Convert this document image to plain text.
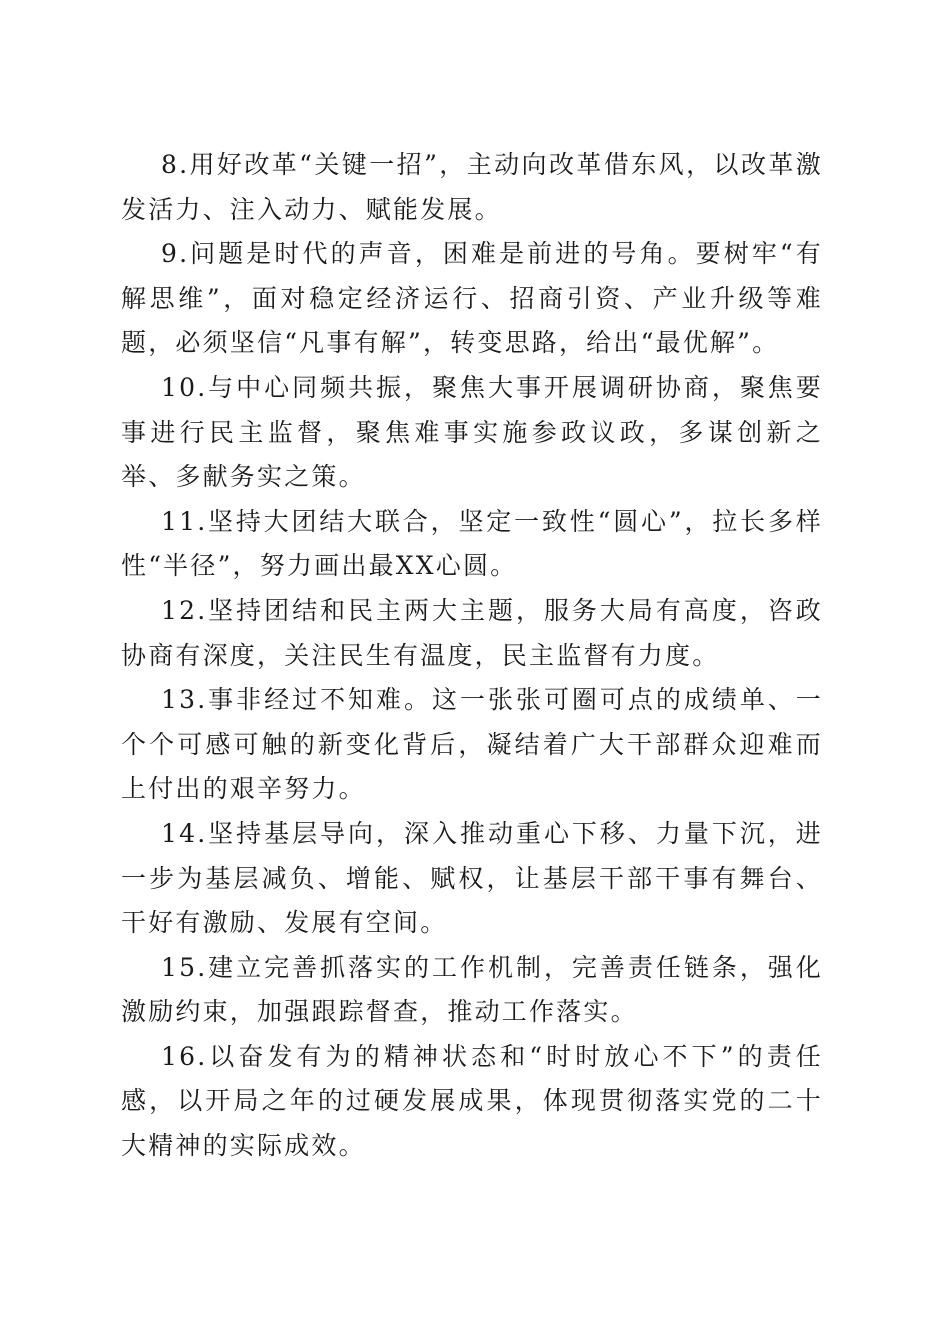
8.用好改革“关键一招”，主动向改革借东风，以改革激发活力、注入动力、赋能发展。

9.问题是时代的声音，困难是前进的号角。要树牢“有解思维”，面对稳定经济运行、招商引资、产业升级等难题，必须坚信“凡事有解”，转变思路，给出“最优解”。

10.与中心同频共振，聚焦大事开展调研协商，聚焦要事进行民主监督，聚焦难事实施参政议政，多谋创新之举、多献务实之策。

11.坚持大团结大联合，坚定一致性“圆心”，拉长多样性“半径”，努力画出最XX心圆。

12.坚持团结和民主两大主题，服务大局有高度，咨政协商有深度，关注民生有温度，民主监督有力度。

13.事非经过不知难。这一张张可圈可点的成绩单、一个个可感可触的新变化背后，凝结着广大干部群众迎难而上付出的艰辛努力。

14.坚持基层导向，深入推动重心下移、力量下沉，进一步为基层减负、增能、赋权，让基层干部干事有舞台、干好有激励、发展有空间。

15.建立完善抓落实的工作机制，完善责任链条，强化激励约束，加强跟踪督查，推动工作落实。

16.以奋发有为的精神状态和“时时放心不下”的责任感，以开局之年的过硬发展成果，体现贯彻落实党的二十大精神的实际成效。
